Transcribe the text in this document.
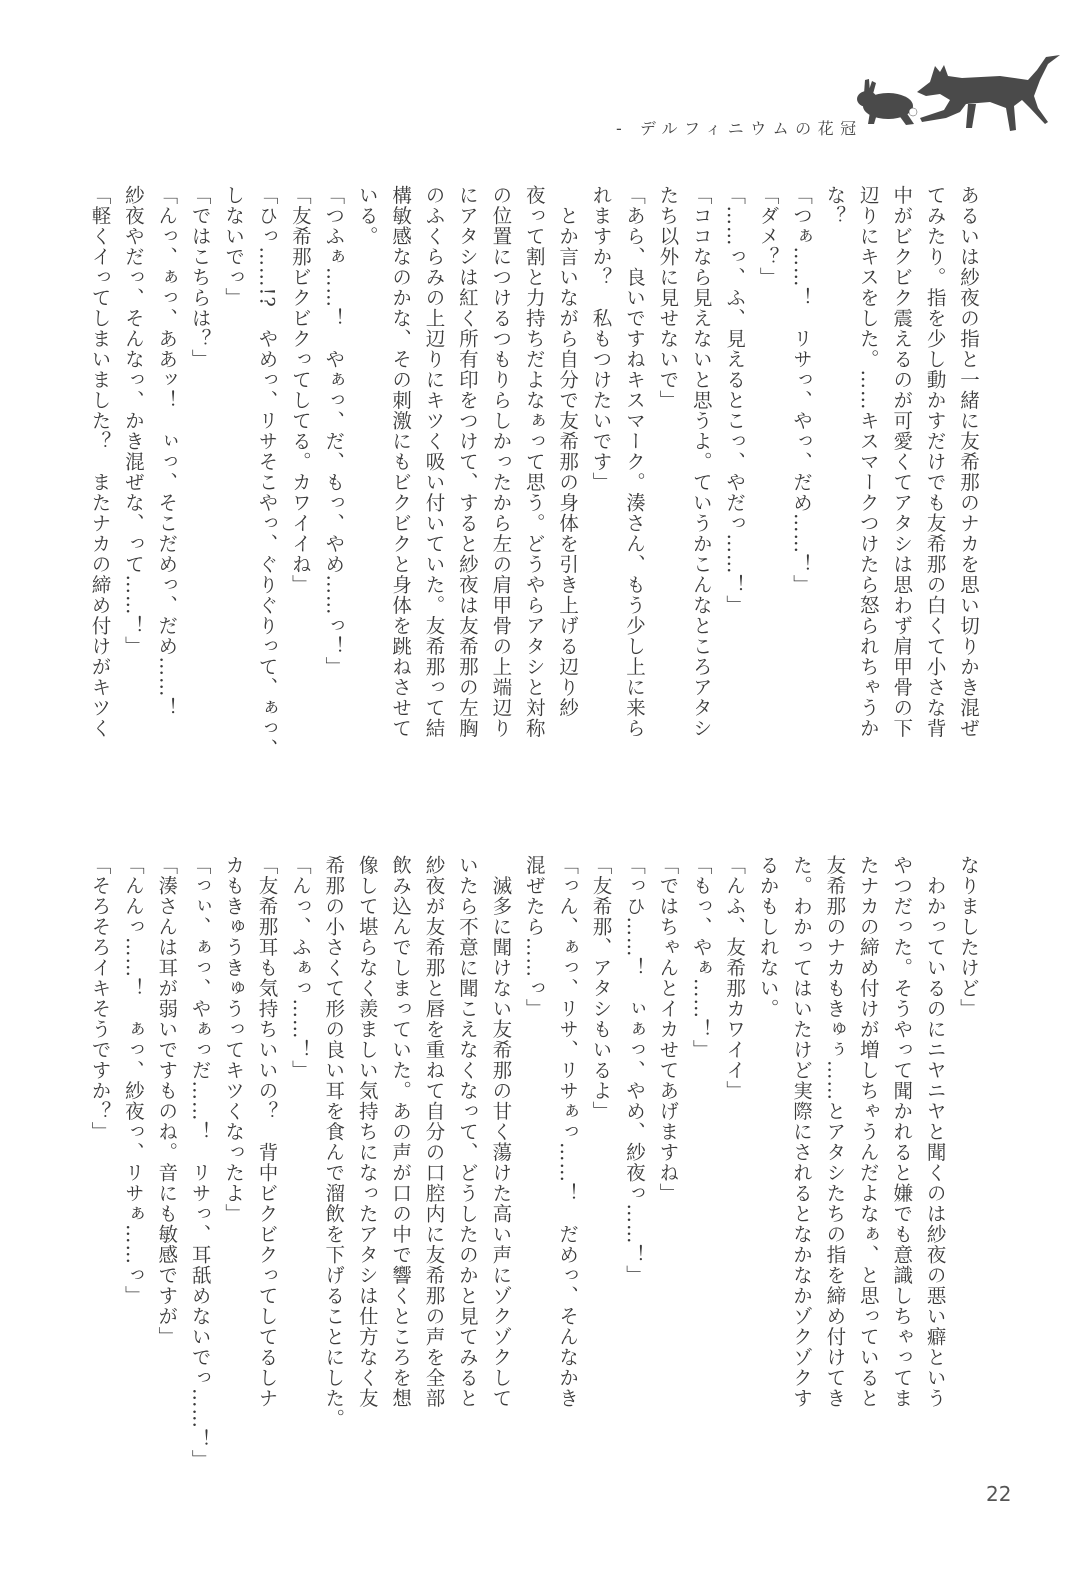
- デルフィニウムの花冠
あるいは紗夜の指と一緒に友希那のナカを思い切りかき混ぜ
てみたり。指を少し動かすだけでも友希那の白くて小さな背
中がビクビク震えるのが可愛くてアタシは思わず肩甲骨の下
辺りにキスをした。……キスマークつけたら怒られちゃうか
な？
「つぁ……！　リサっ、やっ、だめ……！」
「ダメ？」
「……っ、ふ、見えるとこっ、やだっ……！」
「ココなら見えないと思うよ。ていうかこんなところアタシ
たち以外に見せないで」
「あら、良いですねキスマーク。湊さん、もう少し上に来ら
れますか？　私もつけたいです」
　とか言いながら自分で友希那の身体を引き上げる辺り紗
夜って割と力持ちだよなぁって思う。どうやらアタシと対称
の位置につけるつもりらしかったから左の肩甲骨の上端辺り
にアタシは紅く所有印をつけて、すると紗夜は友希那の左胸
のふくらみの上辺りにキツく吸い付いていた。友希那って結
構敏感なのかな、その刺激にもビクビクと身体を跳ねさせて
いる。
「つふぁ……！　やぁっ、だ、もっ、やめ……っ！」
「友希那ビクビクってしてる。カワイイね」
「ひっ……!?　やめっ、リサそこやっ、ぐりぐりって、ぁっ、
しないでっ」
「ではこちらは？」
「んっ、ぁっ、ああッ！　ぃっ、そこだめっ、だめ……！
紗夜やだっ、そんなっ、かき混ぜな、って……！」
「軽くイってしまいました？　またナカの締め付けがキツく
なりましたけど」
　わかっているのにニヤニヤと聞くのは紗夜の悪い癖という
やつだった。そうやって聞かれると嫌でも意識しちゃってま
たナカの締め付けが増しちゃうんだよなぁ、と思っていると
友希那のナカもきゅぅ……とアタシたちの指を締め付けてき
た。わかってはいたけど実際にされるとなかなかゾクゾクす
るかもしれない。
「んふ、友希那カワイイ」
「もっ、やぁ……！」
「ではちゃんとイカせてあげますね」
「っひ……！　ぃぁっ、やめ、紗夜っ……！」
「友希那、アタシもいるよ」
「っん、ぁっ、リサ、リサぁっ……！　だめっ、そんなかき
混ぜたら……っ」
　滅多に聞けない友希那の甘く蕩けた高い声にゾクゾクして
いたら不意に聞こえなくなって、どうしたのかと見てみると
紗夜が友希那と唇を重ねて自分の口腔内に友希那の声を全部
飲み込んでしまっていた。あの声が口の中で響くところを想
像して堪らなく羨ましい気持ちになったアタシは仕方なく友
希那の小さくて形の良い耳を食んで溜飲を下げることにした。
「んっ、ふぁっ……！」
「友希那耳も気持ちいいの？　背中ビクビクってしてるしナ
カもきゅうきゅうってキツくなったよ」
「っぃ、ぁっ、やぁっだ……！　リサっ、耳舐めないでっ……！」
「湊さんは耳が弱いですものね。音にも敏感ですが」
「んんっ……！　ぁっ、紗夜っ、リサぁ……っ」
「そろそろイキそうですか？」
22
